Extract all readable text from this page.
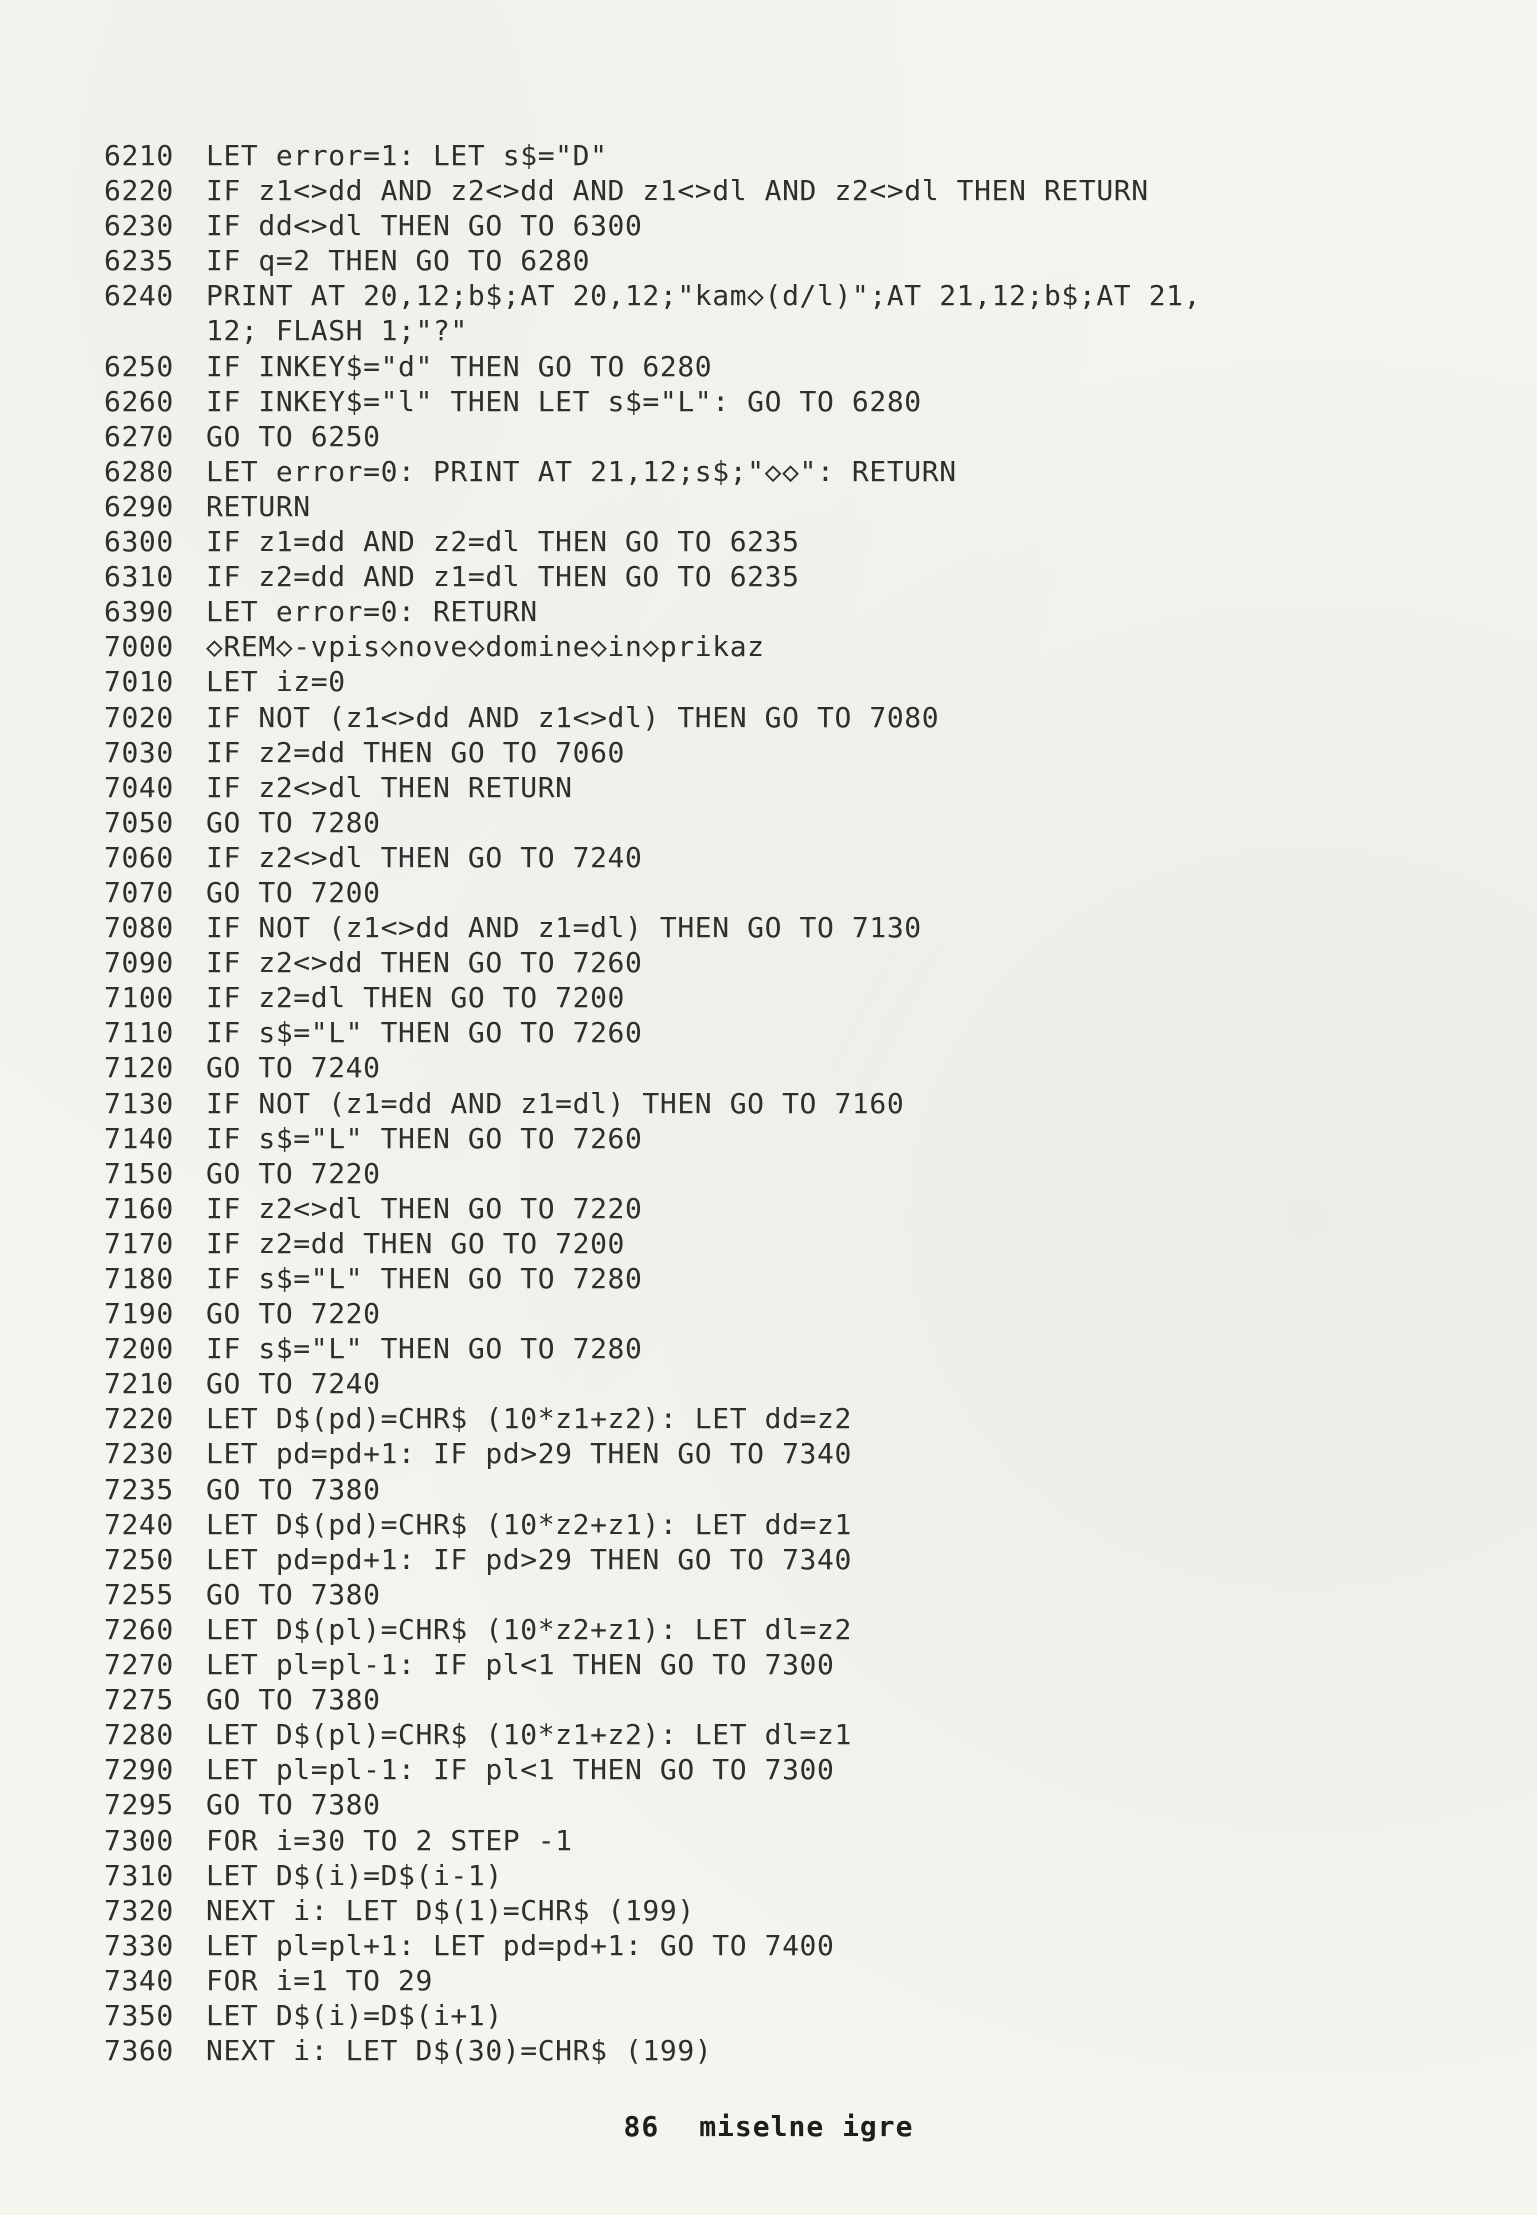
6210	LET error=1: LET s$="D"
6220	IF z1<>dd AND z2<>dd AND z1<>dl AND z2<>dl THEN RETURN
6230	IF dd<>dl THEN GO TO 6300
6235	IF q=2 THEN GO TO 6280
6240	PRINT AT 20,12;b$;AT 20,12;"kam◇(d/l)";AT 21,12;b$;AT 21,
12; FLASH 1;"?"
6250	IF INKEY$="d" THEN GO TO 6280
6260	IF INKEY$="l" THEN LET s$="L": GO TO 6280
6270	GO TO 6250
6280	LET error=0: PRINT AT 21,12;s$;"◇◇": RETURN
6290	RETURN
6300	IF z1=dd AND z2=dl THEN GO TO 6235
6310	IF z2=dd AND z1=dl THEN GO TO 6235
6390	LET error=0: RETURN
7000	◇REM◇-vpis◇nove◇domine◇in◇prikaz
7010	LET iz=0
7020	IF NOT (z1<>dd AND z1<>dl) THEN GO TO 7080
7030	IF z2=dd THEN GO TO 7060
7040	IF z2<>dl THEN RETURN
7050	GO TO 7280
7060	IF z2<>dl THEN GO TO 7240
7070	GO TO 7200
7080	IF NOT (z1<>dd AND z1=dl) THEN GO TO 7130
7090	IF z2<>dd THEN GO TO 7260
7100	IF z2=dl THEN GO TO 7200
7110	IF s$="L" THEN GO TO 7260
7120	GO TO 7240
7130	IF NOT (z1=dd AND z1=dl) THEN GO TO 7160
7140	IF s$="L" THEN GO TO 7260
7150	GO TO 7220
7160	IF z2<>dl THEN GO TO 7220
7170	IF z2=dd THEN GO TO 7200
7180	IF s$="L" THEN GO TO 7280
7190	GO TO 7220
7200	IF s$="L" THEN GO TO 7280
7210	GO TO 7240
7220	LET D$(pd)=CHR$ (10*z1+z2): LET dd=z2
7230	LET pd=pd+1: IF pd>29 THEN GO TO 7340
7235	GO TO 7380
7240	LET D$(pd)=CHR$ (10*z2+z1): LET dd=z1
7250	LET pd=pd+1: IF pd>29 THEN GO TO 7340
7255	GO TO 7380
7260	LET D$(pl)=CHR$ (10*z2+z1): LET dl=z2
7270	LET pl=pl-1: IF pl<1 THEN GO TO 7300
7275	GO TO 7380
7280	LET D$(pl)=CHR$ (10*z1+z2): LET dl=z1
7290	LET pl=pl-1: IF pl<1 THEN GO TO 7300
7295	GO TO 7380
7300	FOR i=30 TO 2 STEP -1
7310	LET D$(i)=D$(i-1)
7320	NEXT i: LET D$(1)=CHR$ (199)
7330	LET pl=pl+1: LET pd=pd+1: GO TO 7400
7340	FOR i=1 TO 29
7350	LET D$(i)=D$(i+1)
7360	NEXT i: LET D$(30)=CHR$ (199)
86 miselne igre
